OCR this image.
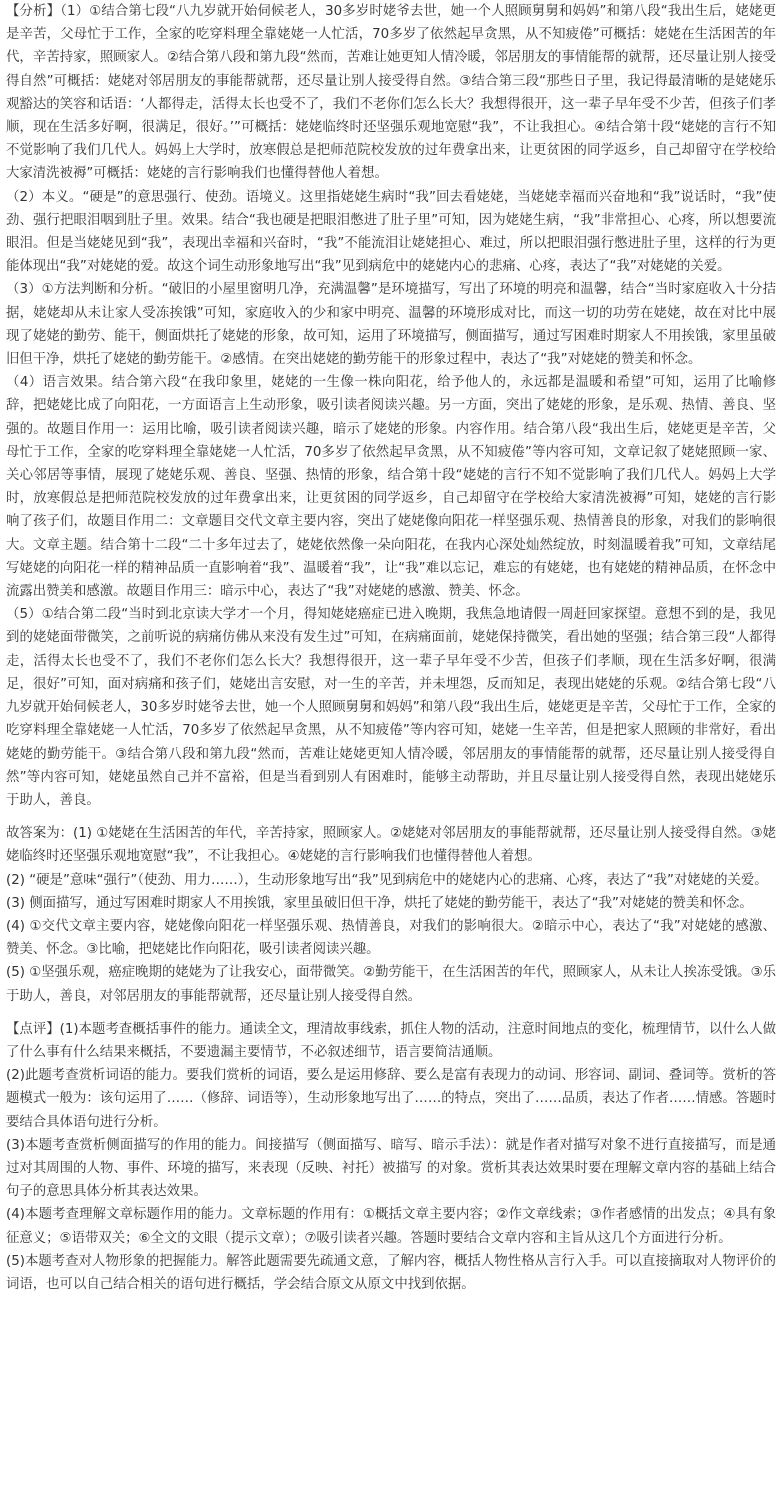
【分析】（1）①结合第七段“八九岁就开始伺候老人，30多岁时姥爷去世，她一个人照顾舅舅和妈妈”和第八段“我出生后，姥姥更是辛苦，父母忙于工作，全家的吃穿料理全靠姥姥一人忙活，70多岁了依然起早贪黑，从不知疲倦”可概括：姥姥在生活困苦的年代，辛苦持家，照顾家人。②结合第八段和第九段“然而，苦难让她更知人情冷暖，邻居朋友的事情能帮的就帮，还尽量让别人接受得自然”可概括：姥姥对邻居朋友的事能帮就帮，还尽量让别人接受得自然。③结合第三段“那些日子里，我记得最清晰的是姥姥乐观豁达的笑容和话语：‘人都得走，活得太长也受不了，我们不老你们怎么长大？我想得很开，这一辈子早年受不少苦，但孩子们孝顺，现在生活多好啊，很满足，很好。’”可概括：姥姥临终时还坚强乐观地宽慰“我”，不让我担心。④结合第十段“姥姥的言行不知不觉影响了我们几代人。妈妈上大学时，放寒假总是把师范院校发放的过年费拿出来，让更贫困的同学返乡，自己却留守在学校给大家清洗被褥”可概括：姥姥的言行影响我们也懂得替他人着想。

（2）本义。“硬是”的意思强行、使劲。语境义。这里指姥姥生病时“我”回去看姥姥，当姥姥幸福而兴奋地和“我”说话时，“我”使劲、强行把眼泪咽到肚子里。效果。结合“我也硬是把眼泪憋进了肚子里”可知，因为姥姥生病，“我”非常担心、心疼，所以想要流眼泪。但是当姥姥见到“我”，表现出幸福和兴奋时，“我”不能流泪让姥姥担心、难过，所以把眼泪强行憋进肚子里，这样的行为更能体现出“我”对姥姥的爱。故这个词生动形象地写出“我”见到病危中的姥姥内心的悲痛、心疼，表达了“我”对姥姥的关爱。

（3）①方法判断和分析。“破旧的小屋里窗明几净，充满温馨”是环境描写，写出了环境的明亮和温馨，结合“当时家庭收入十分拮据，姥姥却从未让家人受冻挨饿”可知，家庭收入的少和家中明亮、温馨的环境形成对比，而这一切的功劳在姥姥，故在对比中展现了姥姥的勤劳、能干，侧面烘托了姥姥的形象，故可知，运用了环境描写，侧面描写，通过写困难时期家人不用挨饿，家里虽破旧但干净，烘托了姥姥的勤劳能干。②感情。在突出姥姥的勤劳能干的形象过程中，表达了“我”对姥姥的赞美和怀念。

（4）语言效果。结合第六段“在我印象里，姥姥的一生像一株向阳花，给予他人的，永远都是温暖和希望”可知，运用了比喻修辞，把姥姥比成了向阳花，一方面语言上生动形象，吸引读者阅读兴趣。另一方面，突出了姥姥的形象，是乐观、热情、善良、坚强的。故题目作用一：运用比喻，吸引读者阅读兴趣，暗示了姥姥的形象。内容作用。结合第八段“我出生后，姥姥更是辛苦，父母忙于工作，全家的吃穿料理全靠姥姥一人忙活，70多岁了依然起早贪黑，从不知疲倦”等内容可知，文章记叙了姥姥照顾一家、关心邻居等事情，展现了姥姥乐观、善良、坚强、热情的形象，结合第十段“姥姥的言行不知不觉影响了我们几代人。妈妈上大学时，放寒假总是把师范院校发放的过年费拿出来，让更贫困的同学返乡，自己却留守在学校给大家清洗被褥”可知，姥姥的言行影响了孩子们，故题目作用二：文章题目交代文章主要内容，突出了姥姥像向阳花一样坚强乐观、热情善良的形象，对我们的影响很大。文章主题。结合第十二段“二十多年过去了，姥姥依然像一朵向阳花，在我内心深处灿然绽放，时刻温暖着我”可知，文章结尾写姥姥的向阳花一样的精神品质一直影响着“我”、温暖着“我”，让“我”难以忘记，难忘的有姥姥，也有姥姥的精神品质，在怀念中流露出赞美和感激。故题目作用三：暗示中心，表达了“我”对姥姥的感激、赞美、怀念。

（5）①结合第二段“当时到北京读大学才一个月，得知姥姥癌症已进入晚期，我焦急地请假一周赶回家探望。意想不到的是，我见到的姥姥面带微笑，之前听说的病痛仿佛从来没有发生过”可知，在病痛面前，姥姥保持微笑，看出她的坚强；结合第三段“人都得走，活得太长也受不了，我们不老你们怎么长大？我想得很开，这一辈子早年受不少苦，但孩子们孝顺，现在生活多好啊，很满足，很好”可知，面对病痛和孩子们，姥姥出言安慰，对一生的辛苦，并未埋怨，反而知足，表现出姥姥的乐观。②结合第七段“八九岁就开始伺候老人，30多岁时姥爷去世，她一个人照顾舅舅和妈妈”和第八段“我出生后，姥姥更是辛苦，父母忙于工作，全家的吃穿料理全靠姥姥一人忙活，70多岁了依然起早贪黑，从不知疲倦”等内容可知，姥姥一生辛苦，但是把家人照顾的非常好，看出姥姥的勤劳能干。③结合第八段和第九段“然而，苦难让姥姥更知人情冷暖，邻居朋友的事情能帮的就帮，还尽量让别人接受得自然”等内容可知，姥姥虽然自己并不富裕，但是当看到别人有困难时，能够主动帮助，并且尽量让别人接受得自然，表现出姥姥乐于助人，善良。

故答案为：(1) ①姥姥在生活困苦的年代，辛苦持家，照顾家人。②姥姥对邻居朋友的事能帮就帮，还尽量让别人接受得自然。③姥姥临终时还坚强乐观地宽慰“我”，不让我担心。④姥姥的言行影响我们也懂得替他人着想。

(2) “硬是”意味“强行”（使劲、用力……），生动形象地写出“我”见到病危中的姥姥内心的悲痛、心疼，表达了“我”对姥姥的关爱。

(3) 侧面描写，通过写困难时期家人不用挨饿，家里虽破旧但干净，烘托了姥姥的勤劳能干，表达了“我”对姥姥的赞美和怀念。

(4) ①交代文章主要内容，姥姥像向阳花一样坚强乐观、热情善良，对我们的影响很大。②暗示中心，表达了“我”对姥姥的感激、赞美、怀念。③比喻，把姥姥比作向阳花，吸引读者阅读兴趣。

(5) ①坚强乐观，癌症晚期的姥姥为了让我安心，面带微笑。②勤劳能干，在生活困苦的年代，照顾家人，从未让人挨冻受饿。③乐于助人，善良，对邻居朋友的事能帮就帮，还尽量让别人接受得自然。

【点评】(1)本题考查概括事件的能力。通读全文，理清故事线索，抓住人物的活动，注意时间地点的变化，梳理情节，以什么人做了什么事有什么结果来概括，不要遗漏主要情节，不必叙述细节，语言要简洁通顺。

(2)此题考查赏析词语的能力。要我们赏析的词语，要么是运用修辞、要么是富有表现力的动词、形容词、副词、叠词等。赏析的答题模式一般为：该句运用了……（修辞、词语等），生动形象地写出了……的特点，突出了……品质，表达了作者……情感。答题时要结合具体语句进行分析。

(3)本题考查赏析侧面描写的作用的能力。间接描写（侧面描写、暗写、暗示手法）：就是作者对描写对象不进行直接描写，而是通过对其周围的人物、事件、环境的描写，来表现（反映、衬托）被描写 的对象。赏析其表达效果时要在理解文章内容的基础上结合句子的意思具体分析其表达效果。

(4)本题考查理解文章标题作用的能力。文章标题的作用有：①概括文章主要内容；②作文章线索；③作者感情的出发点；④具有象征意义；⑤语带双关；⑥全文的文眼（提示文章）；⑦吸引读者兴趣。答题时要结合文章内容和主旨从这几个方面进行分析。

(5)本题考查对人物形象的把握能力。解答此题需要先疏通文意，了解内容，概括人物性格从言行入手。可以直接摘取对人物评价的词语，也可以自己结合相关的语句进行概括，学会结合原文从原文中找到依据。
